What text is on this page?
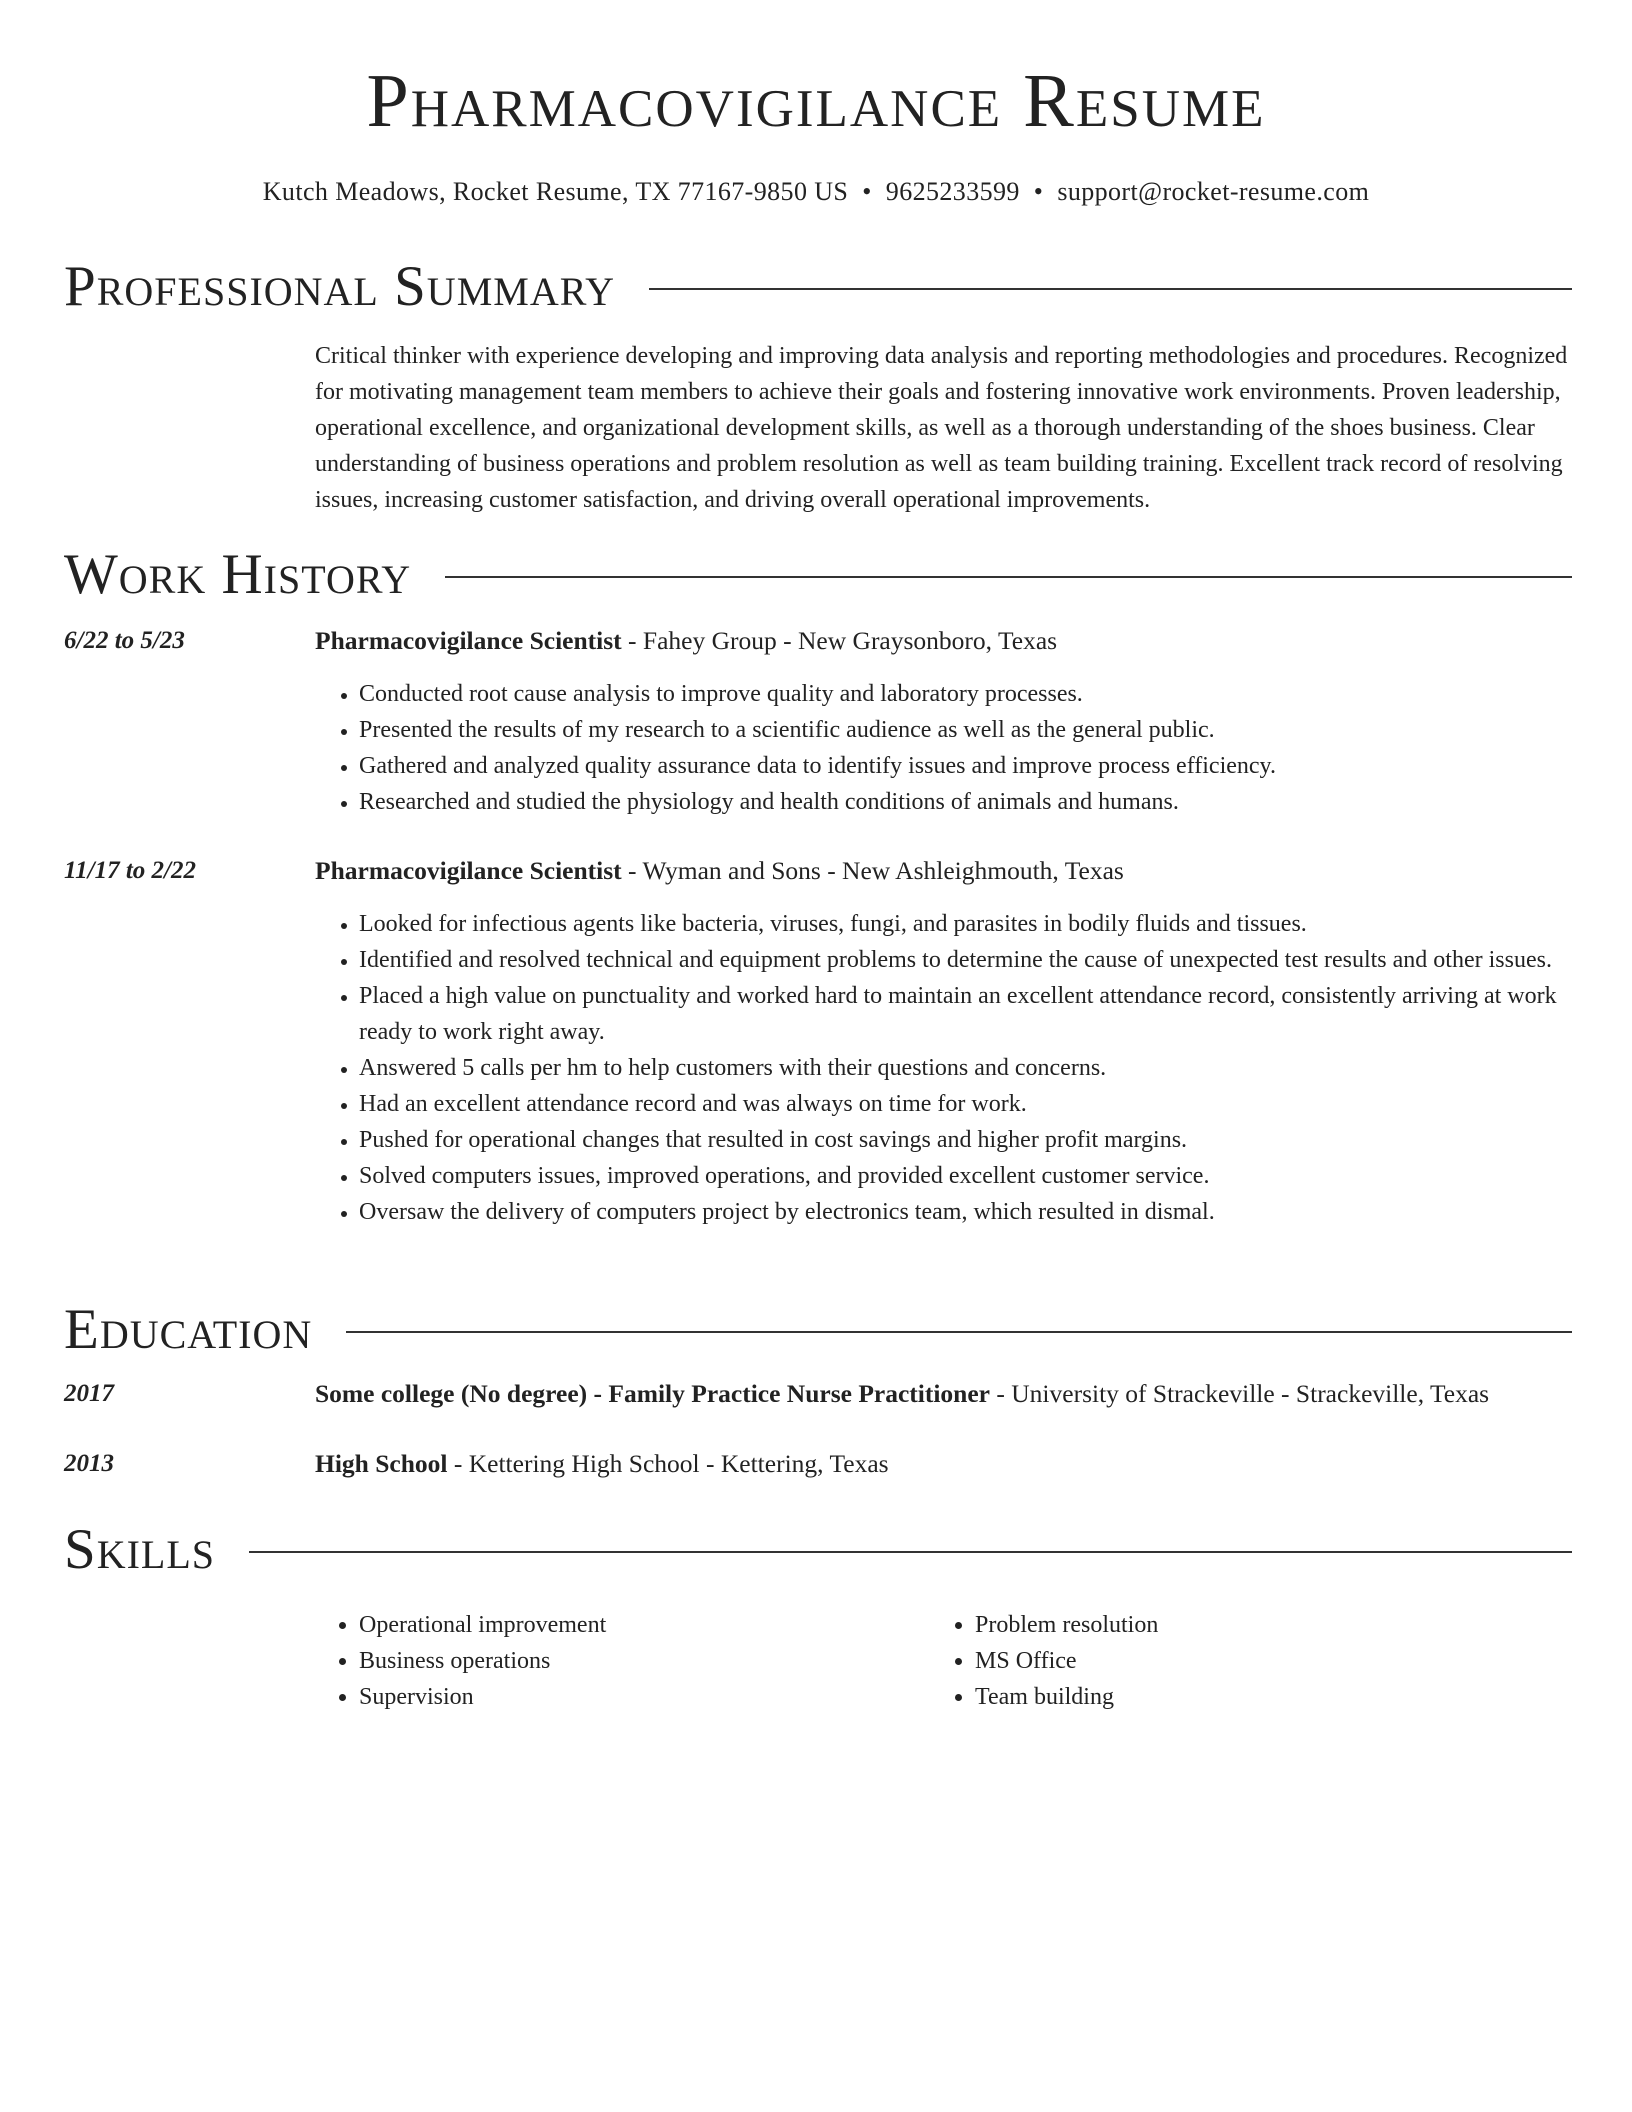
Pharmacovigilance Resume
Kutch Meadows, Rocket Resume, TX 77167-9850 US • 9625233599 • support@rocket-resume.com
Professional Summary
Critical thinker with experience developing and improving data analysis and reporting methodologies and procedures. Recognized for motivating management team members to achieve their goals and fostering innovative work environments. Proven leadership, operational excellence, and organizational development skills, as well as a thorough understanding of the shoes business. Clear understanding of business operations and problem resolution as well as team building training. Excellent track record of resolving issues, increasing customer satisfaction, and driving overall operational improvements.
Work History
6/22 to 5/23	Pharmacovigilance Scientist - Fahey Group - New Graysonboro, Texas
• Conducted root cause analysis to improve quality and laboratory processes.
• Presented the results of my research to a scientific audience as well as the general public.
• Gathered and analyzed quality assurance data to identify issues and improve process efficiency.
• Researched and studied the physiology and health conditions of animals and humans.
11/17 to 2/22	Pharmacovigilance Scientist - Wyman and Sons - New Ashleighmouth, Texas
• Looked for infectious agents like bacteria, viruses, fungi, and parasites in bodily fluids and tissues.
• Identified and resolved technical and equipment problems to determine the cause of unexpected test results and other issues.
• Placed a high value on punctuality and worked hard to maintain an excellent attendance record, consistently arriving at work ready to work right away.
• Answered 5 calls per hm to help customers with their questions and concerns.
• Had an excellent attendance record and was always on time for work.
• Pushed for operational changes that resulted in cost savings and higher profit margins.
• Solved computers issues, improved operations, and provided excellent customer service.
• Oversaw the delivery of computers project by electronics team, which resulted in dismal.
Education
2017	Some college (No degree) - Family Practice Nurse Practitioner - University of Strackeville - Strackeville, Texas
2013	High School - Kettering High School - Kettering, Texas
Skills
• Operational improvement
• Business operations
• Supervision
• Problem resolution
• MS Office
• Team building
